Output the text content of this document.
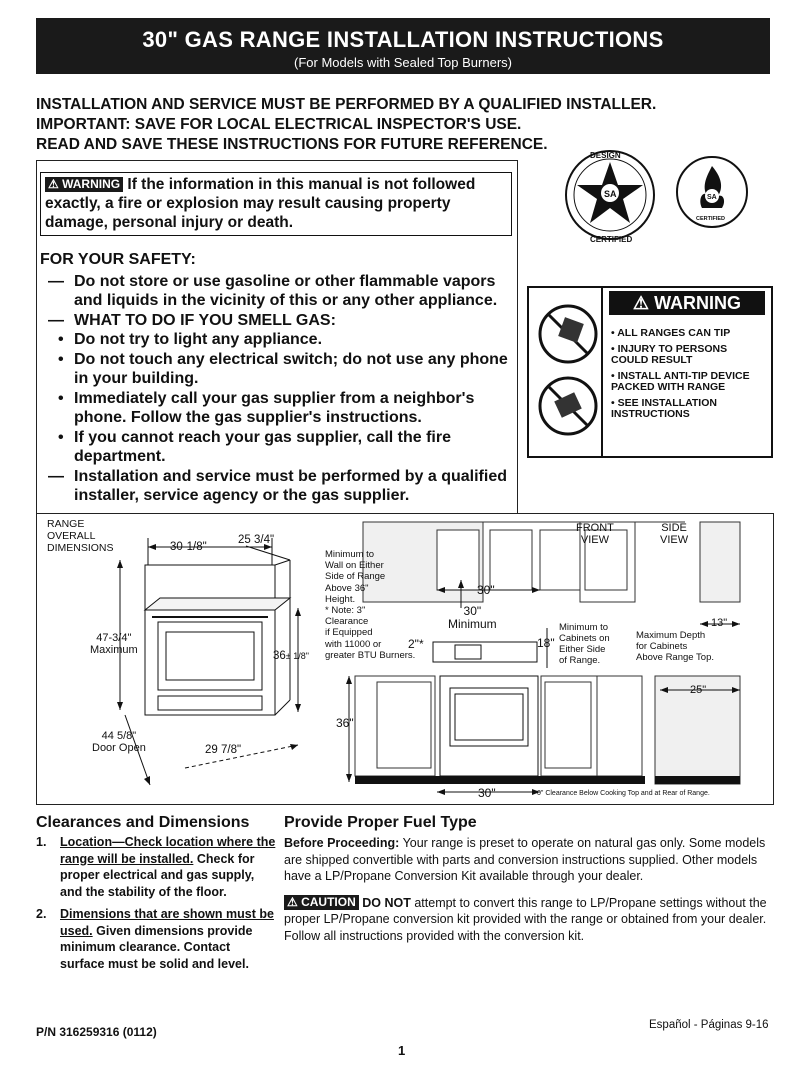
30" GAS RANGE INSTALLATION INSTRUCTIONS
(For Models with Sealed Top Burners)
INSTALLATION AND SERVICE MUST BE PERFORMED BY A QUALIFIED INSTALLER.
IMPORTANT: SAVE FOR LOCAL ELECTRICAL INSPECTOR'S USE.
READ AND SAVE THESE INSTRUCTIONS FOR FUTURE REFERENCE.
⚠ WARNING If the information in this manual is not followed
exactly, a fire or explosion may result causing property
damage, personal injury or death.
SA
DESIGN
CERTIFIED
SA
CERTIFIED
FOR YOUR SAFETY:
— Do not store or use gasoline or other flammable vapors
and liquids in the vicinity of this or any other appliance.
— WHAT TO DO IF YOU SMELL GAS:
• Do not try to light any appliance.
• Do not touch any electrical switch; do not use any phone
in your building.
• Immediately call your gas supplier from a neighbor's
phone. Follow the gas supplier's instructions.
• If you cannot reach your gas supplier, call the fire
department.
— Installation and service must be performed by a qualified
installer, service agency or the gas supplier.
⚠ WARNING
• ALL RANGES CAN TIP
• INJURY TO PERSONS COULD RESULT
• INSTALL ANTI-TIP DEVICE PACKED WITH RANGE
• SEE INSTALLATION INSTRUCTIONS
RANGE
OVERALL
DIMENSIONS	30-1/8"
25 3/4"
47-3/4"
Maximum	36± 1/8"
44 5/8"
Door Open	29 7/8"
FRONT
VIEW
SIDE
VIEW
Minimum to
Wall on Either
Side of Range
Above 36"
Height.
* Note: 3"
Clearance
if Equipped
with 11000 or
greater BTU Burners.
30"
30"
Minimum
2"*	18"
Minimum to
Cabinets on
Either Side
of Range.
13"
Maximum Depth
for Cabinets
Above Range Top.
25"
36"
30"	0" Clearance Below Cooking Top and at Rear of Range.
Clearances and Dimensions
1. Location—Check location where the range will be installed. Check for proper electrical and gas supply, and the stability of the floor.
2. Dimensions that are shown must be used. Given dimensions provide minimum clearance. Contact surface must be solid and level.
Provide Proper Fuel Type
Before Proceeding: Your range is preset to operate on natural gas only. Some models are shipped convertible with parts and conversion instructions supplied. Other models have a LP/Propane Conversion Kit available through your dealer.
⚠ CAUTION DO NOT attempt to convert this range to LP/Propane settings without the proper LP/Propane conversion kit provided with the range or obtained from your dealer. Follow all instructions provided with the conversion kit.
P/N 316259316 (0112)	Español - Páginas 9-16
1
